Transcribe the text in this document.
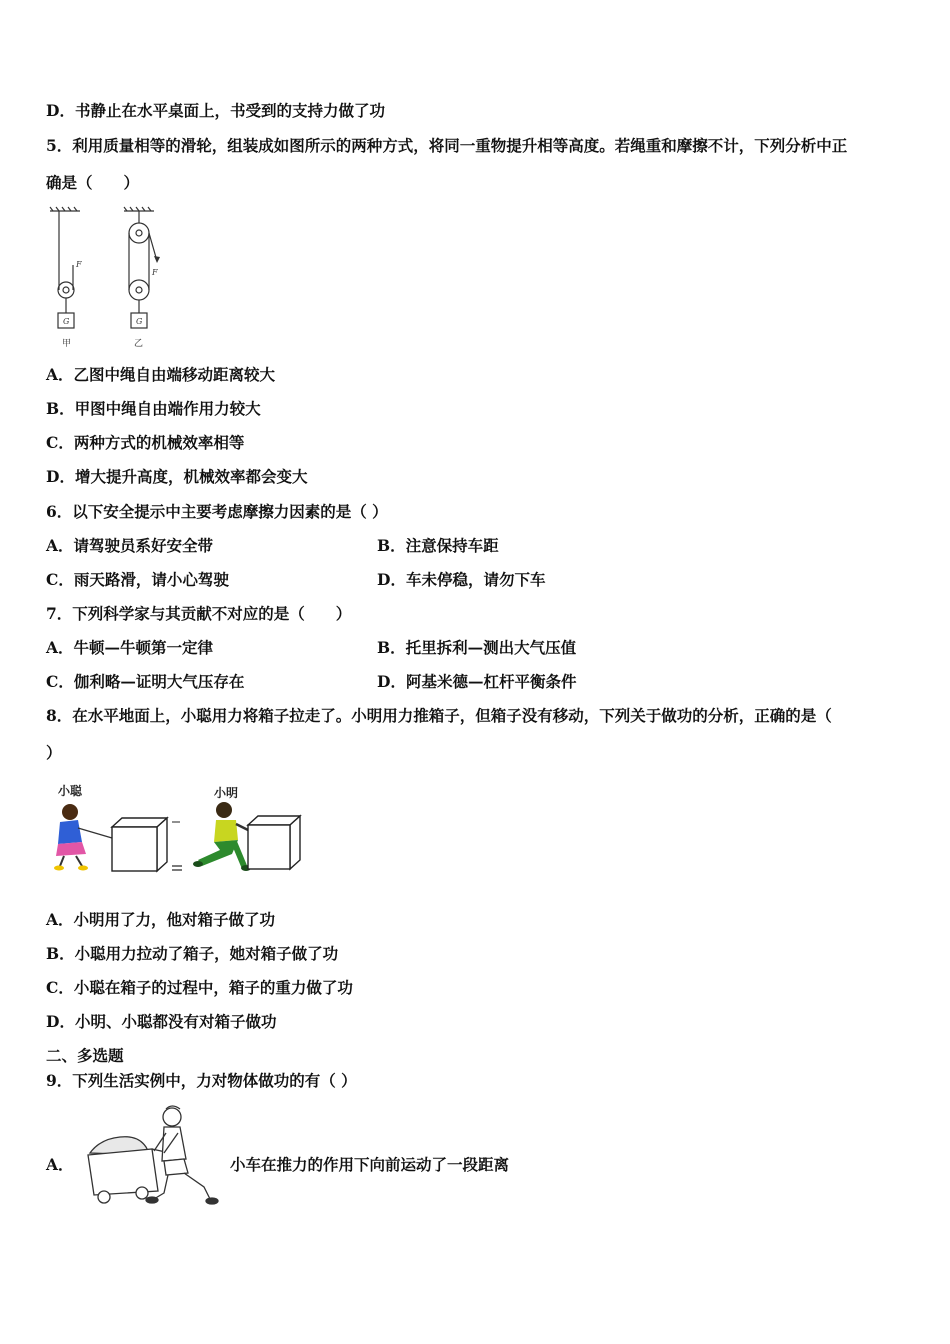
D．书静止在水平桌面上，书受到的支持力做了功
5．利用质量相等的滑轮，组装成如图所示的两种方式，将同一重物提升相等高度。若绳重和摩擦不计，下列分析中正
确是（　　）
F
F
G	G
甲	乙
A．乙图中绳自由端移动距离较大
B．甲图中绳自由端作用力较大
C．两种方式的机械效率相等
D．增大提升高度，机械效率都会变大
6．以下安全提示中主要考虑摩擦力因素的是（ ）
A．请驾驶员系好安全带	B．注意保持车距
C．雨天路滑，请小心驾驶	D．车未停稳，请勿下车
7．下列科学家与其贡献不对应的是（　　）
A．牛顿—牛顿第一定律	B．托里拆利—测出大气压值
C．伽利略—证明大气压存在	D．阿基米德—杠杆平衡条件
8．在水平地面上，小聪用力将箱子拉走了。小明用力推箱子，但箱子没有移动，下列关于做功的分析，正确的是（
）
小聪	小明
A．小明用了力，他对箱子做了功
B．小聪用力拉动了箱子，她对箱子做了功
C．小聪在箱子的过程中，箱子的重力做了功
D．小明、小聪都没有对箱子做功
二、多选题
9．下列生活实例中，力对物体做功的有（ ）
A．	小车在推力的作用下向前运动了一段距离
